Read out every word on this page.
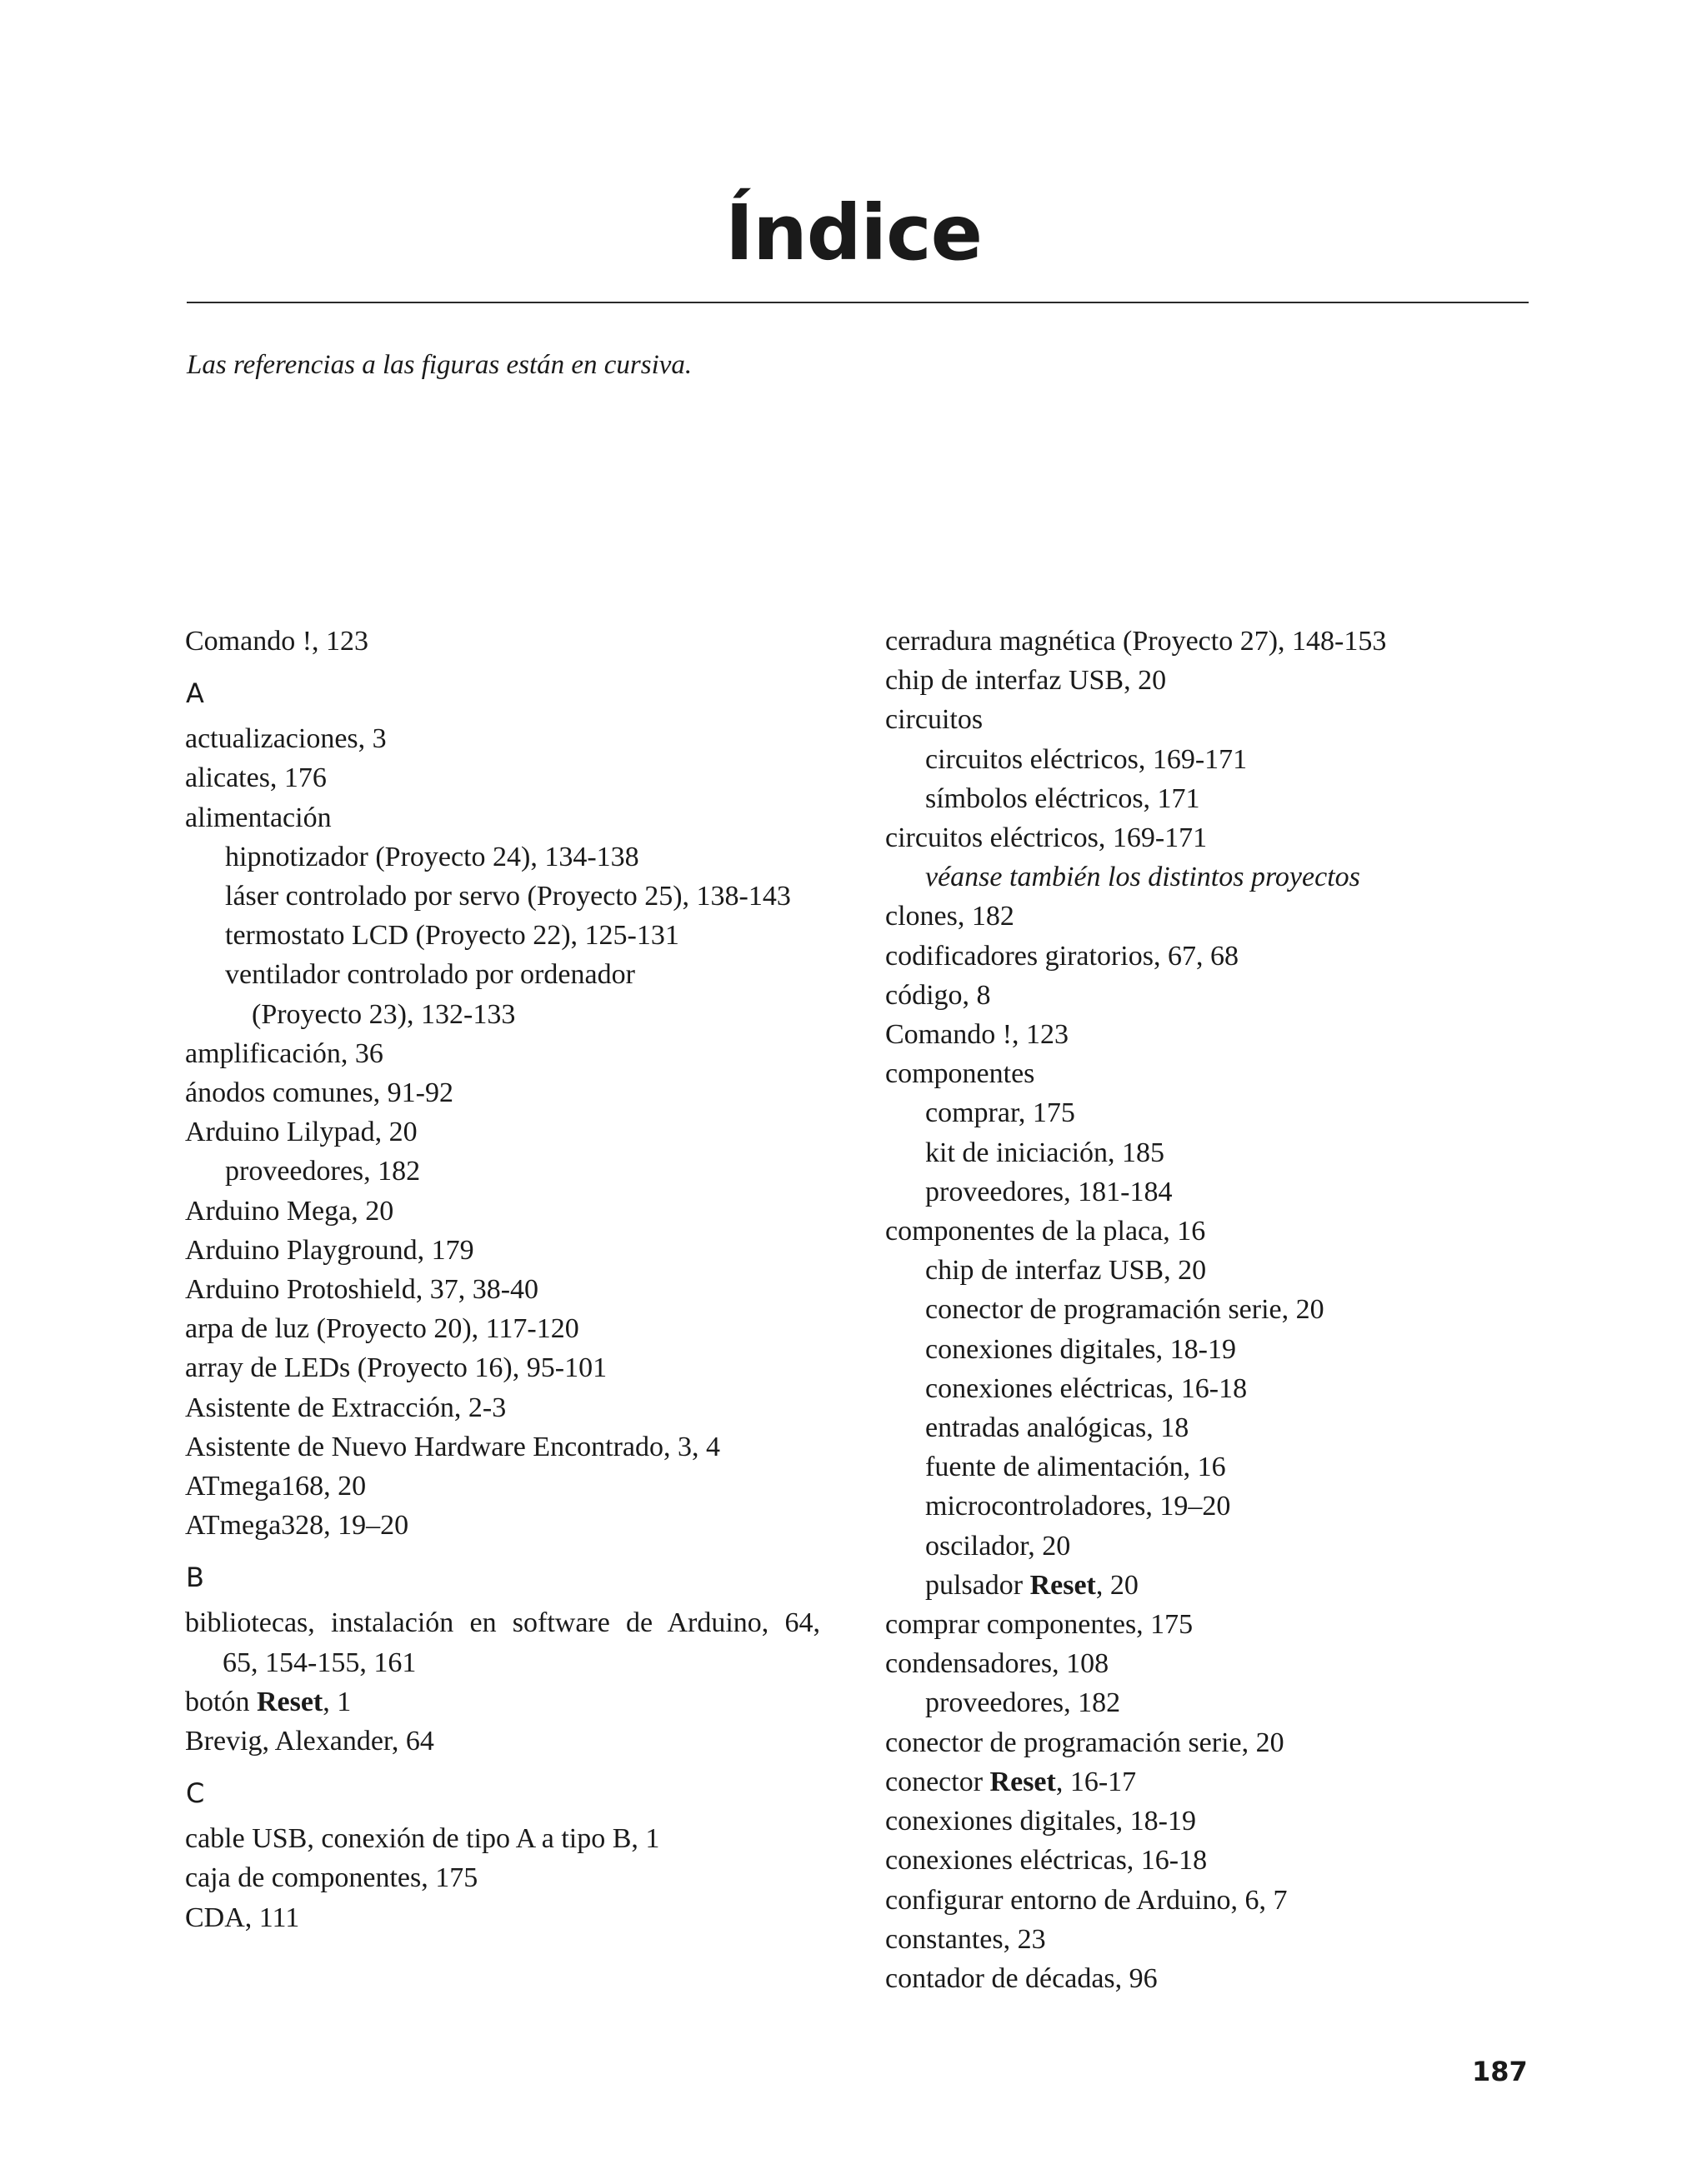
Índice
Las referencias a las figuras están en cursiva.
Comando !, 123
A
actualizaciones, 3
alicates, 176
alimentación
hipnotizador (Proyecto 24), 134-138
láser controlado por servo (Proyecto 25), 138-143
termostato LCD (Proyecto 22), 125-131
ventilador controlado por ordenador
(Proyecto 23), 132-133
amplificación, 36
ánodos comunes, 91-92
Arduino Lilypad, 20
proveedores, 182
Arduino Mega, 20
Arduino Playground, 179
Arduino Protoshield, 37, 38-40
arpa de luz (Proyecto 20), 117-120
array de LEDs (Proyecto 16), 95-101
Asistente de Extracción, 2-3
Asistente de Nuevo Hardware Encontrado, 3, 4
ATmega168, 20
ATmega328, 19–20
B
bibliotecas, instalación en software de Arduino, 64,
65, 154-155, 161
botón Reset, 1
Brevig, Alexander, 64
C
cable USB, conexión de tipo A a tipo B, 1
caja de componentes, 175
CDA, 111
cerradura magnética (Proyecto 27), 148-153
chip de interfaz USB, 20
circuitos
circuitos eléctricos, 169-171
símbolos eléctricos, 171
circuitos eléctricos, 169-171
véanse también los distintos proyectos
clones, 182
codificadores giratorios, 67, 68
código, 8
Comando !, 123
componentes
comprar, 175
kit de iniciación, 185
proveedores, 181-184
componentes de la placa, 16
chip de interfaz USB, 20
conector de programación serie, 20
conexiones digitales, 18-19
conexiones eléctricas, 16-18
entradas analógicas, 18
fuente de alimentación, 16
microcontroladores, 19–20
oscilador, 20
pulsador Reset, 20
comprar componentes, 175
condensadores, 108
proveedores, 182
conector de programación serie, 20
conector Reset, 16-17
conexiones digitales, 18-19
conexiones eléctricas, 16-18
configurar entorno de Arduino, 6, 7
constantes, 23
contador de décadas, 96
187
